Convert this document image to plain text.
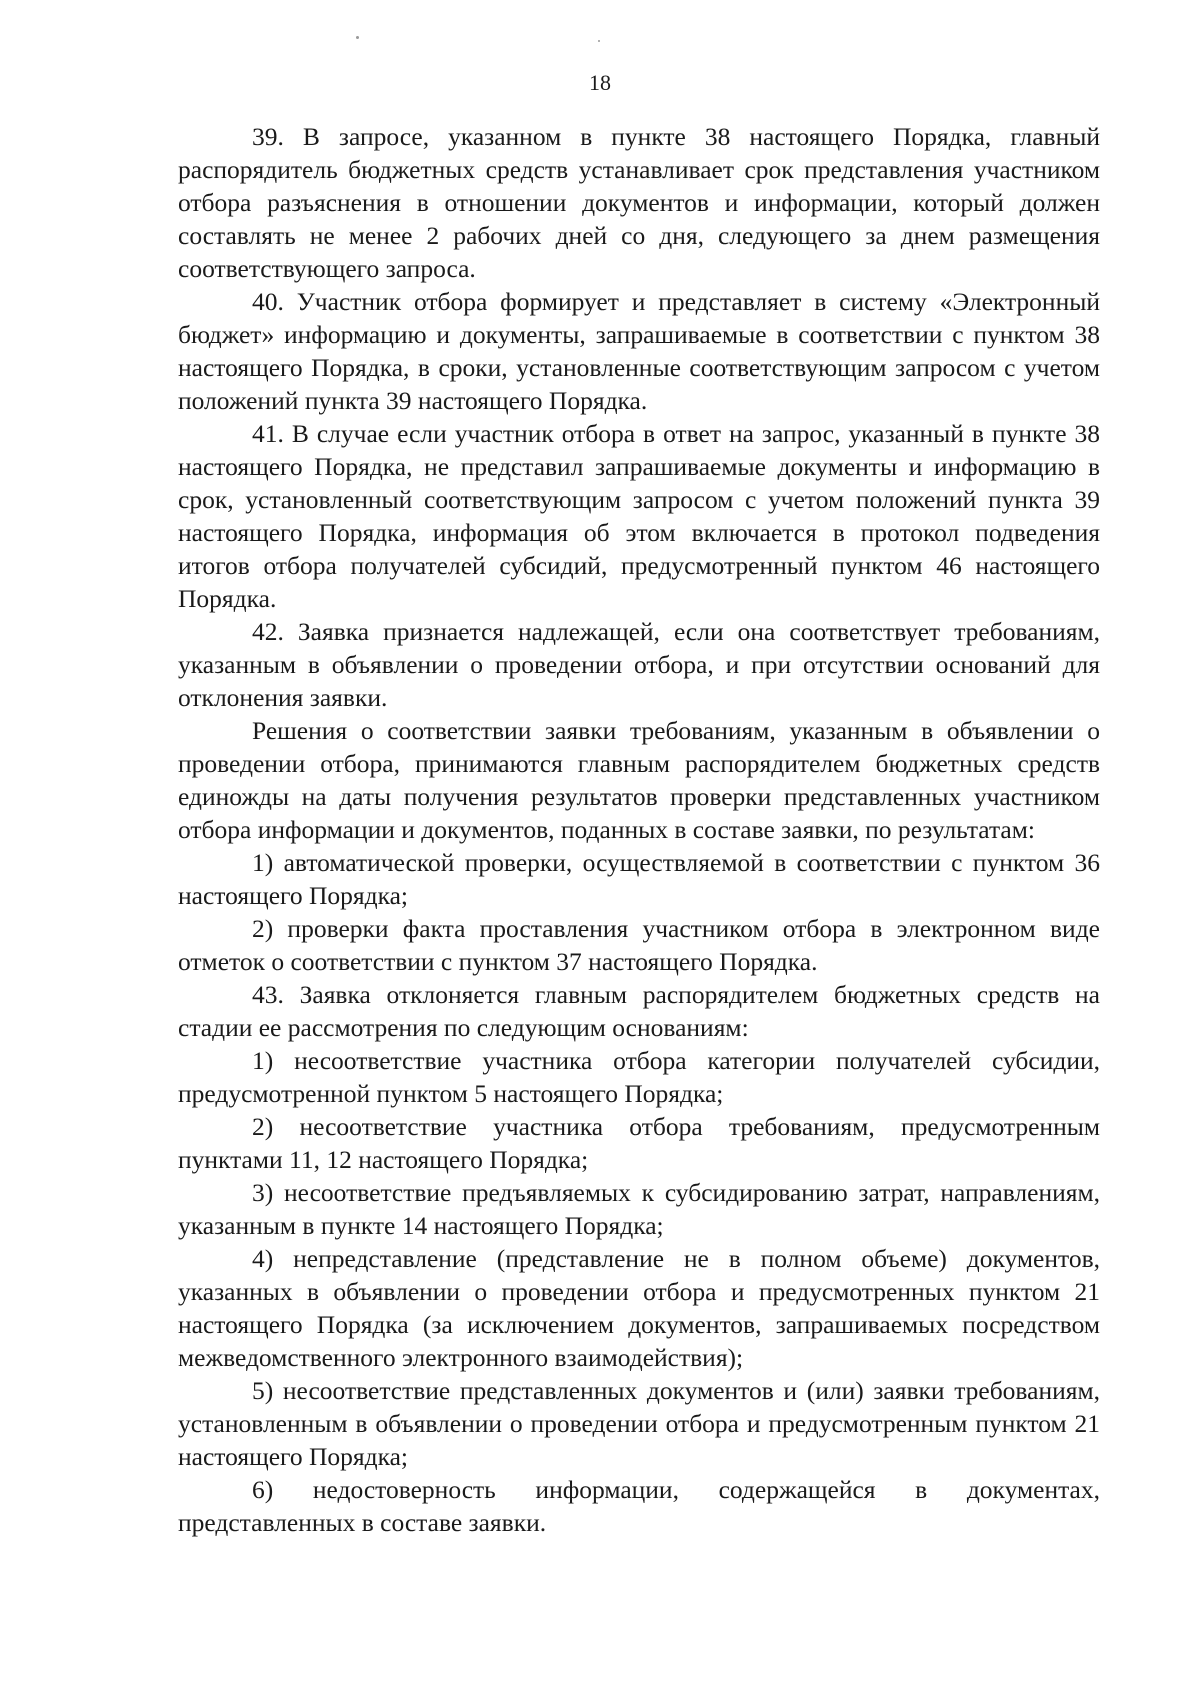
18

39. В запросе, указанном в пункте 38 настоящего Порядка, главный распорядитель бюджетных средств устанавливает срок представления участником отбора разъяснения в отношении документов и информации, который должен составлять не менее 2 рабочих дней со дня, следующего за днем размещения соответствующего запроса.

40. Участник отбора формирует и представляет в систему «Электронный бюджет» информацию и документы, запрашиваемые в соответствии с пунктом 38 настоящего Порядка, в сроки, установленные соответствующим запросом с учетом положений пункта 39 настоящего Порядка.

41. В случае если участник отбора в ответ на запрос, указанный в пункте 38 настоящего Порядка, не представил запрашиваемые документы и информацию в срок, установленный соответствующим запросом с учетом положений пункта 39 настоящего Порядка, информация об этом включается в протокол подведения итогов отбора получателей субсидий, предусмотренный пунктом 46 настоящего Порядка.

42. Заявка признается надлежащей, если она соответствует требованиям, указанным в объявлении о проведении отбора, и при отсутствии оснований для отклонения заявки.

Решения о соответствии заявки требованиям, указанным в объявлении о проведении отбора, принимаются главным распорядителем бюджетных средств единожды на даты получения результатов проверки представленных участником отбора информации и документов, поданных в составе заявки, по результатам:

1) автоматической проверки, осуществляемой в соответствии с пунктом 36 настоящего Порядка;

2) проверки факта проставления участником отбора в электронном виде отметок о соответствии с пунктом 37 настоящего Порядка.

43. Заявка отклоняется главным распорядителем бюджетных средств на стадии ее рассмотрения по следующим основаниям:

1) несоответствие участника отбора категории получателей субсидии, предусмотренной пунктом 5 настоящего Порядка;

2) несоответствие участника отбора требованиям, предусмотренным пунктами 11, 12 настоящего Порядка;

3) несоответствие предъявляемых к субсидированию затрат, направлениям, указанным в пункте 14 настоящего Порядка;

4) непредставление (представление не в полном объеме) документов, указанных в объявлении о проведении отбора и предусмотренных пунктом 21 настоящего Порядка (за исключением документов, запрашиваемых посредством межведомственного электронного взаимодействия);

5) несоответствие представленных документов и (или) заявки требованиям, установленным в объявлении о проведении отбора и предусмотренным пунктом 21 настоящего Порядка;

6) недостоверность информации, содержащейся в документах, представленных в составе заявки.
